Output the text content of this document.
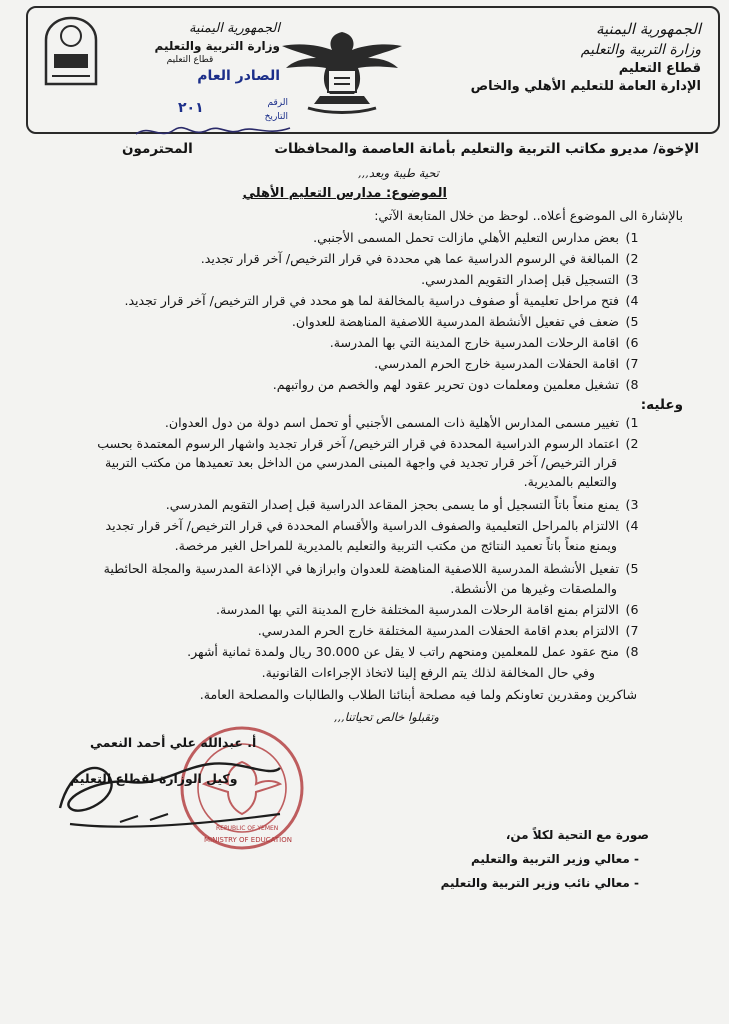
الجمهورية اليمنية
وزارة التربية والتعليم
قطاع التعليم
الإدارة العامة للتعليم الأهلي والخاص
الجمهورية اليمنية
وزارة التربية والتعليم
قطاع التعليم
الصادر العام
الرقم
التاريخ
٢٠١
الإخوة/ مديرو مكاتب التربية والتعليم بأمانة العاصمة والمحافظات
المحترمون
تحية طيبة وبعد,,,
الموضوع: مدارس التعليم الأهلي
بالإشارة الى الموضوع أعلاه.. لوحظ من خلال المتابعة الآتي:
1) بعض مدارس التعليم الأهلي مازالت تحمل المسمى الأجنبي.
2) المبالغة في الرسوم الدراسية عما هي محددة في قرار الترخيص/ آخر قرار تجديد.
3) التسجيل قبل إصدار التقويم المدرسي.
4) فتح مراحل تعليمية أو صفوف دراسية بالمخالفة لما هو محدد في قرار الترخيص/ آخر قرار تجديد.
5) ضعف في تفعيل الأنشطة المدرسية اللاصفية المناهضة للعدوان.
6) اقامة الرحلات المدرسية خارج المدينة التي بها المدرسة.
7) اقامة الحفلات المدرسية خارج الحرم المدرسي.
8) تشغيل معلمين ومعلمات دون تحرير عقود لهم والخصم من رواتبهم.
وعليه:
1) تغيير مسمى المدارس الأهلية ذات المسمى الأجنبي أو تحمل اسم دولة من دول العدوان.
2) اعتماد الرسوم الدراسية المحددة في قرار الترخيص/ آخر قرار تجديد واشهار الرسوم المعتمدة بحسب
قرار الترخيص/ آخر قرار تجديد في واجهة المبنى المدرسي من الداخل بعد تعميدها من مكتب التربية
والتعليم بالمديرية.
3) يمنع منعاً باتاً التسجيل أو ما يسمى بحجز المقاعد الدراسية قبل إصدار التقويم المدرسي.
4) الالتزام بالمراحل التعليمية والصفوف الدراسية والأقسام المحددة في قرار الترخيص/ آخر قرار تجديد
ويمنع منعاً باتاً تعميد النتائج من مكتب التربية والتعليم بالمديرية للمراحل الغير مرخصة.
5) تفعيل الأنشطة المدرسية اللاصفية المناهضة للعدوان وابرازها في الإذاعة المدرسية والمجلة الحائطية
والملصقات وغيرها من الأنشطة.
6) الالتزام بمنع اقامة الرحلات المدرسية المختلفة خارج المدينة التي بها المدرسة.
7) الالتزام بعدم اقامة الحفلات المدرسية المختلفة خارج الحرم المدرسي.
8) منح عقود عمل للمعلمين ومنحهم راتب لا يقل عن 30.000 ريال ولمدة ثمانية أشهر.
وفي حال المخالفة لذلك يتم الرفع إلينا لاتخاذ الإجراءات القانونية.
شاكرين ومقدرين تعاونكم ولما فيه مصلحة أبنائنا الطلاب والطالبات والمصلحة العامة.
وتقبلوا خالص تحياتنا,,,
REPUBLIC OF YEMEN
MINISTRY OF EDUCATION
أ. عبدالله علي أحمد النعمي
وكيل الوزارة لقطاع التعليم
صورة مع التحية لكلاً من،
- معالي وزير التربية والتعليم
- معالي نائب وزير التربية والتعليم
